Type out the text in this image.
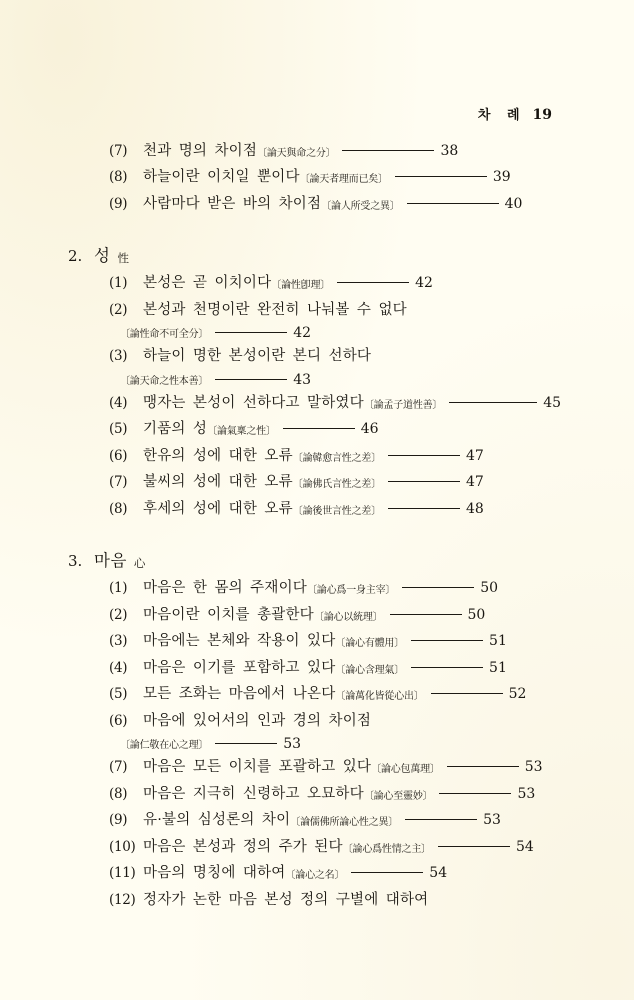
차 례 19
(7)	천과 명의 차이점 〔論天與命之分〕	38
(8)	하늘이란 이치일 뿐이다 〔論天者理而已矣〕	39
(9)	사람마다 받은 바의 차이점 〔論人所受之異〕	40
2. 성 性
(1)	본성은 곧 이치이다 〔論性卽理〕	42
(2)	본성과 천명이란 완전히 나눠볼 수 없다
〔論性命不可全分〕	42
(3)	하늘이 명한 본성이란 본디 선하다
〔論天命之性本善〕	43
(4)	맹자는 본성이 선하다고 말하였다 〔論孟子道性善〕	45
(5)	기품의 성 〔論氣稟之性〕	46
(6)	한유의 성에 대한 오류 〔論韓愈言性之差〕	47
(7)	불씨의 성에 대한 오류 〔論佛氏言性之差〕	47
(8)	후세의 성에 대한 오류 〔論後世言性之差〕	48
3. 마음 心
(1)	마음은 한 몸의 주재이다 〔論心爲一身主宰〕	50
(2)	마음이란 이치를 총괄한다 〔論心以統理〕	50
(3)	마음에는 본체와 작용이 있다 〔論心有體用〕	51
(4)	마음은 이기를 포함하고 있다 〔論心含理氣〕	51
(5)	모든 조화는 마음에서 나온다 〔論萬化皆從心出〕	52
(6)	마음에 있어서의 인과 경의 차이점
〔論仁敬在心之理〕	53
(7)	마음은 모든 이치를 포괄하고 있다 〔論心包萬理〕	53
(8)	마음은 지극히 신령하고 오묘하다 〔論心至靈妙〕	53
(9)	유·불의 심성론의 차이 〔論儒佛所論心性之異〕	53
(10) 마음은 본성과 정의 주가 된다 〔論心爲性情之主〕	54
(11) 마음의 명칭에 대하여 〔論心之名〕	54
(12) 정자가 논한 마음 본성 정의 구별에 대하여
